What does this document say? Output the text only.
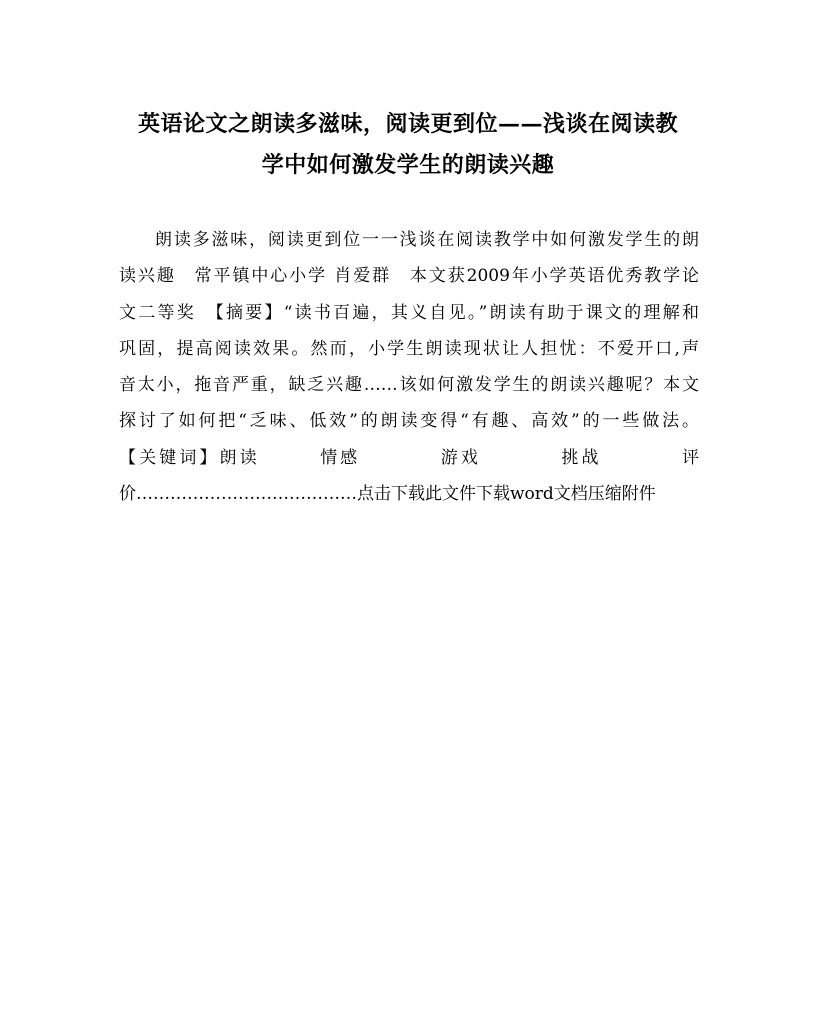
英语论文之朗读多滋味，阅读更到位——浅谈在阅读教
学中如何激发学生的朗读兴趣
朗读多滋味，阅读更到位一一浅谈在阅读教学中如何激发学生的朗
读兴趣　常平镇中心小学 肖爱群　本文获2009年小学英语优秀教学论
文二等奖　【摘要】“读书百遍，其义自见。”朗读有助于课文的理解和
巩固，提高阅读效果。然而，小学生朗读现状让人担忧：不爱开口,声
音太小，拖音严重，缺乏兴趣……该如何激发学生的朗读兴趣呢？本文
探讨了如何把“乏味、低效”的朗读变得“有趣、高效”的一些做法。
【关键词】朗读　　　情感　　　　游戏　　　　挑战　　　　评
价…………………………………点击下载此文件下载word文档压缩附件
